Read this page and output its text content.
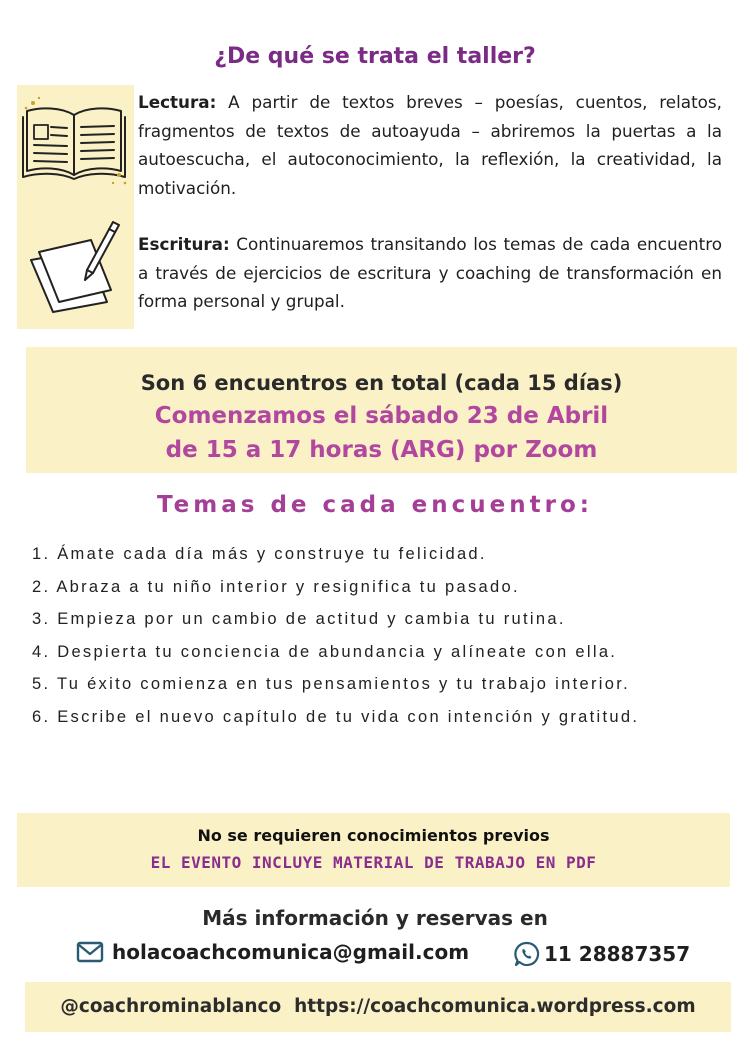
¿De qué se trata el taller?
Lectura: A partir de textos breves – poesías, cuentos, relatos, fragmentos de textos de autoayuda – abriremos la puertas a la autoescucha, el autoconocimiento, la reflexión, la creatividad, la motivación.
Escritura: Continuaremos transitando los temas de cada encuentro a través de ejercicios de escritura y coaching de transformación en forma personal y grupal.
Son 6 encuentros en total (cada 15 días)
Comenzamos el sábado 23 de Abril
de 15 a 17 horas (ARG) por Zoom
Temas de cada encuentro:
1. Ámate cada día más y construye tu felicidad.
2. Abraza a tu niño interior y resignifica tu pasado.
3. Empieza por un cambio de actitud y cambia tu rutina.
4. Despierta tu conciencia de abundancia y alíneate con ella.
5. Tu éxito comienza en tus pensamientos y tu trabajo interior.
6. Escribe el nuevo capítulo de tu vida con intención y gratitud.
No se requieren conocimientos previos
EL EVENTO INCLUYE MATERIAL DE TRABAJO EN PDF
Más información y reservas en
holacoachcomunica@gmail.com	11 28887357
@coachrominablanco https://coachcomunica.wordpress.com
